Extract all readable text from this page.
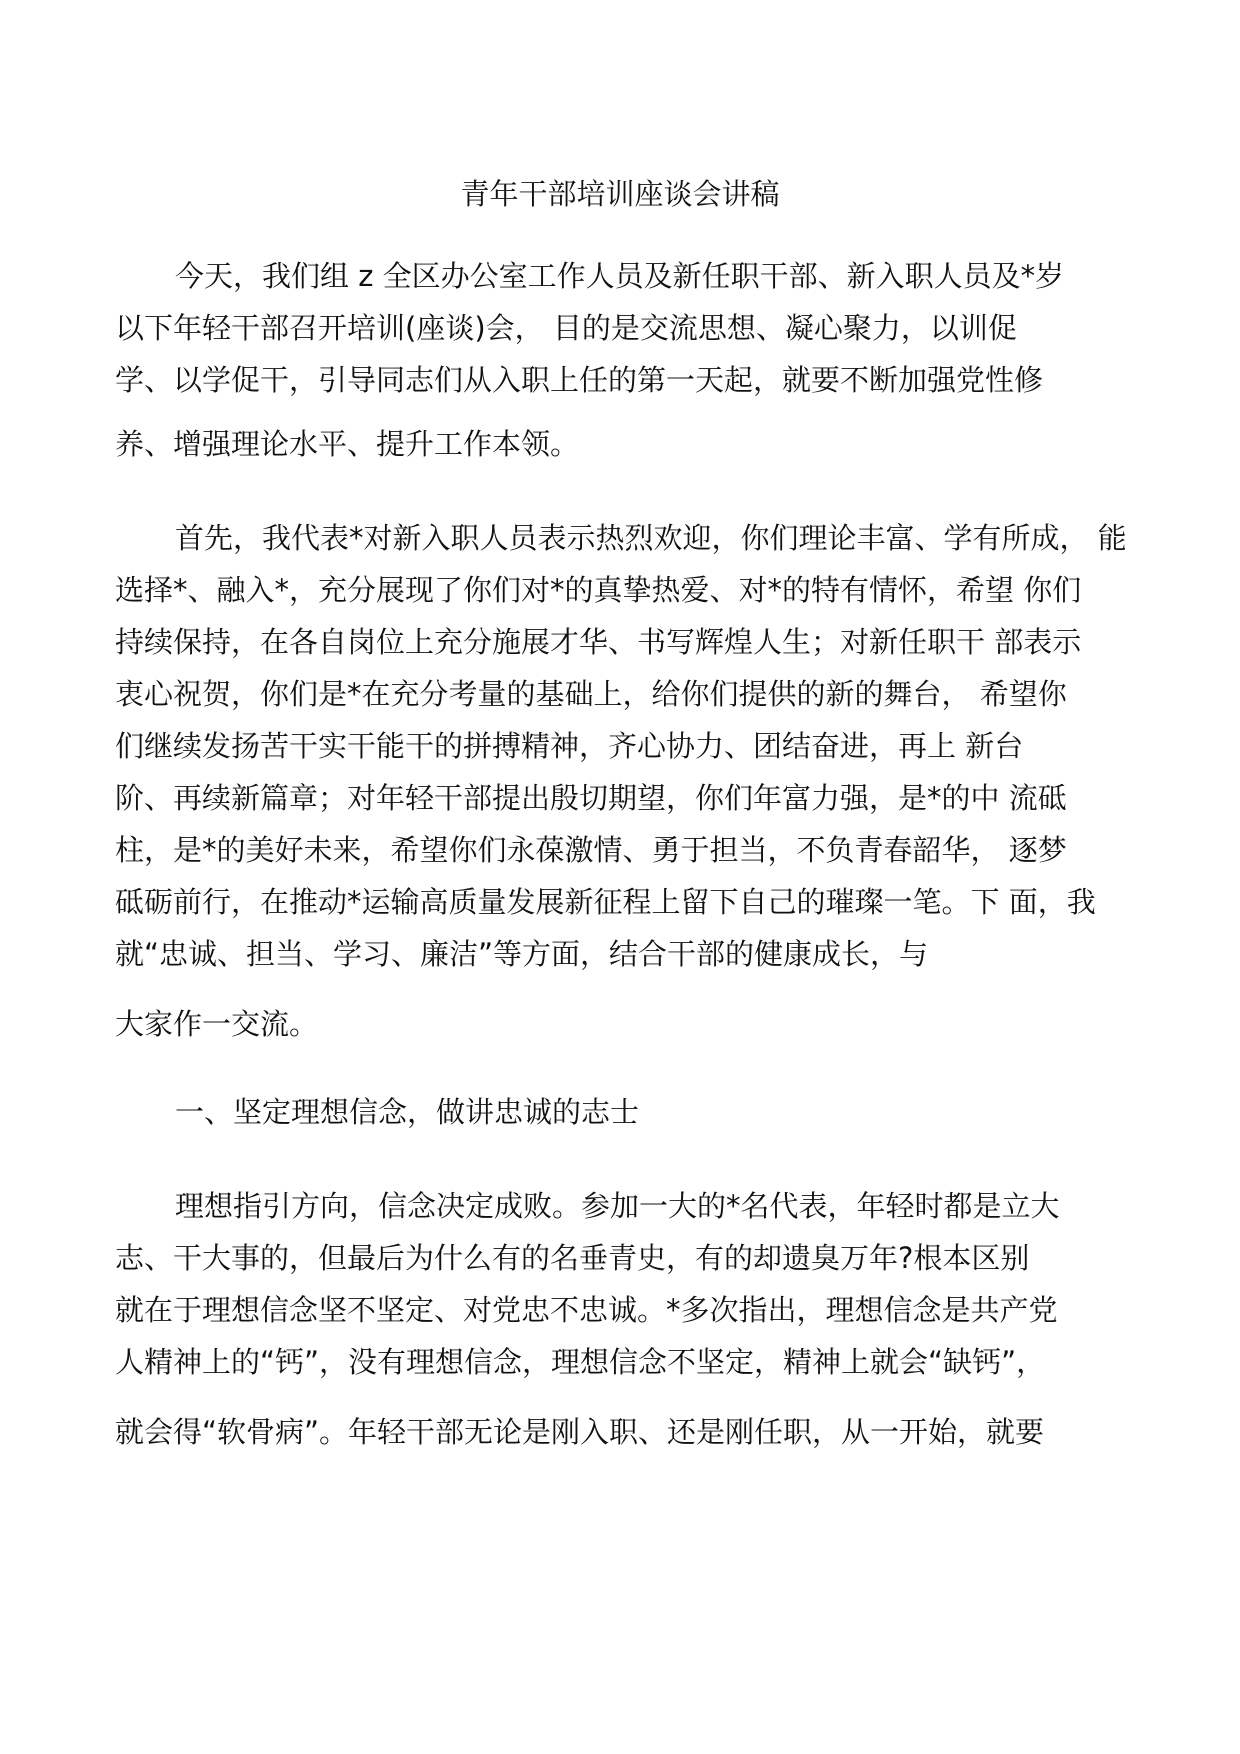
青年干部培训座谈会讲稿
今天，我们组 z 全区办公室工作人员及新任职干部、新入职人员及*岁
以下年轻干部召开培训(座谈)会， 目的是交流思想、凝心聚力，以训促
学、以学促干，引导同志们从入职上任的第一天起，就要不断加强党性修
养、增强理论水平、提升工作本领。
首先，我代表*对新入职人员表示热烈欢迎，你们理论丰富、学有所成， 能
选择*、融入*，充分展现了你们对*的真挚热爱、对*的特有情怀，希望 你们
持续保持，在各自岗位上充分施展才华、书写辉煌人生；对新任职干 部表示
衷心祝贺，你们是*在充分考量的基础上，给你们提供的新的舞台， 希望你
们继续发扬苦干实干能干的拼搏精神，齐心协力、团结奋进，再上 新台
阶、再续新篇章；对年轻干部提出殷切期望，你们年富力强，是*的中 流砥
柱，是*的美好未来，希望你们永葆激情、勇于担当，不负青春韶华， 逐梦
砥砺前行，在推动*运输高质量发展新征程上留下自己的璀璨一笔。下 面，我
就“忠诚、担当、学习、廉洁”等方面，结合干部的健康成长，与
大家作一交流。
一、坚定理想信念，做讲忠诚的志士
理想指引方向，信念决定成败。参加一大的*名代表，年轻时都是立大
志、干大事的，但最后为什么有的名垂青史，有的却遗臭万年?根本区别
就在于理想信念坚不坚定、对党忠不忠诚。*多次指出，理想信念是共产党
人精神上的“钙”，没有理想信念，理想信念不坚定，精神上就会“缺钙”，
就会得“软骨病”。年轻干部无论是刚入职、还是刚任职，从一开始，就要
